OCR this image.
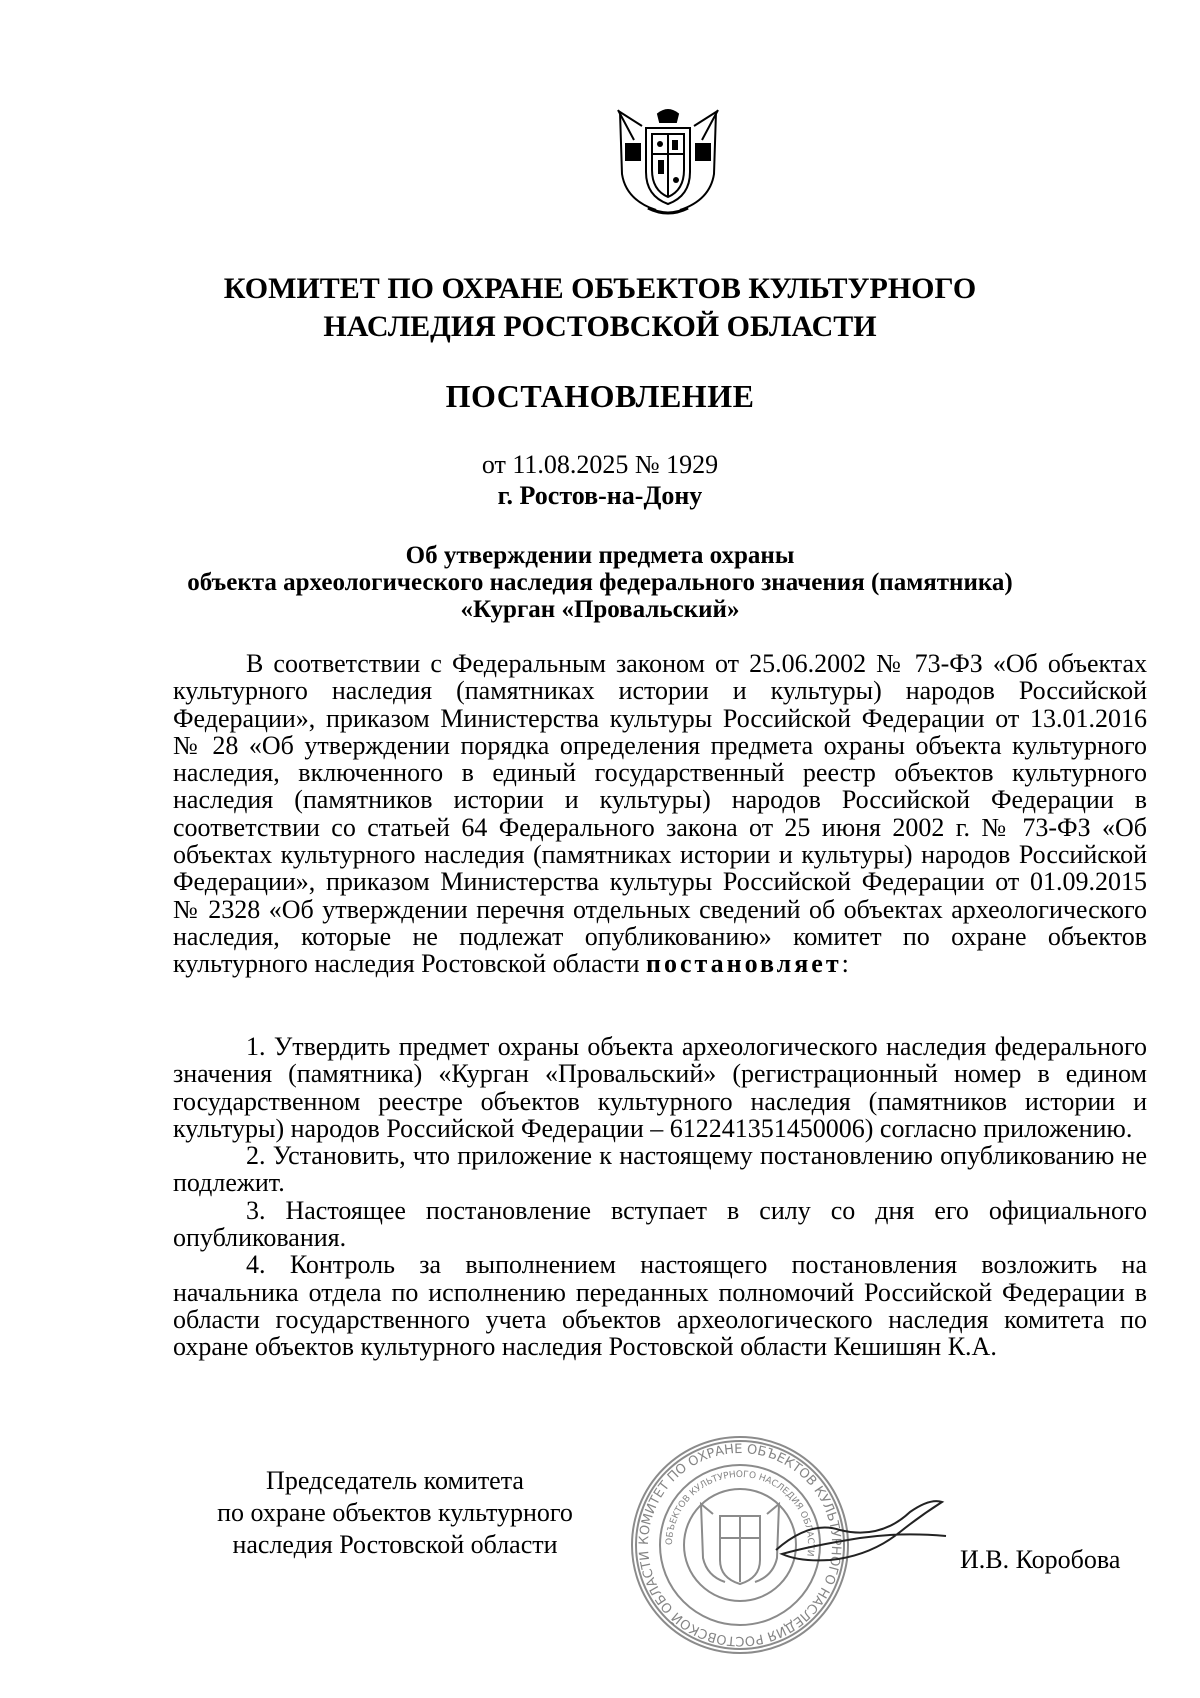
КОМИТЕТ ПО ОХРАНЕ ОБЪЕКТОВ КУЛЬТУРНОГО
НАСЛЕДИЯ РОСТОВСКОЙ ОБЛАСТИ
ПОСТАНОВЛЕНИЕ
от 11.08.2025 № 1929
г. Ростов-на-Дону
Об утверждении предмета охраны
объекта археологического наследия федерального значения (памятника)
«Курган «Провальский»

В соответствии с Федеральным законом от 25.06.2002 № 73-ФЗ «Об объектах культурного наследия (памятниках истории и культуры) народов Российской Федерации», приказом Министерства культуры Российской Федерации от 13.01.2016 № 28 «Об утверждении порядка определения предмета охраны объекта культурного наследия, включенного в единый государственный реестр объектов культурного наследия (памятников истории и культуры) народов Российской Федерации в соответствии со статьей 64 Федерального закона от 25 июня 2002 г. № 73-ФЗ «Об объектах культурного наследия (памятниках истории и культуры) народов Российской Федерации», приказом Министерства культуры Российской Федерации от 01.09.2015 № 2328 «Об утверждении перечня отдельных сведений об объектах археологического наследия, которые не подлежат опубликованию» комитет по охране объектов культурного наследия Ростовской области постановляет:

1. Утвердить предмет охраны объекта археологического наследия федерального значения (памятника) «Курган «Провальский» (регистрационный номер в едином государственном реестре объектов культурного наследия (памятников истории и культуры) народов Российской Федерации – 612241351450006) согласно приложению.

2. Установить, что приложение к настоящему постановлению опубликованию не подлежит.

3. Настоящее постановление вступает в силу со дня его официального опубликования.

4. Контроль за выполнением настоящего постановления возложить на начальника отдела по исполнению переданных полномочий Российской Федерации в области государственного учета объектов археологического наследия комитета по охране объектов культурного наследия Ростовской области Кешишян К.А.

Председатель комитета
по охране объектов культурного
наследия Ростовской области	КОМИТЕТ ПО ОХРАНЕ ОБЪЕКТОВ КУЛЬТУРНОГО НАСЛЕДИЯ РОСТОВСКОЙ ОБЛАСТИ
ОБЪЕКТОВ КУЛЬТУРНОГО НАСЛЕДИЯ ОБЛАСТИ	И.В. Коробова
